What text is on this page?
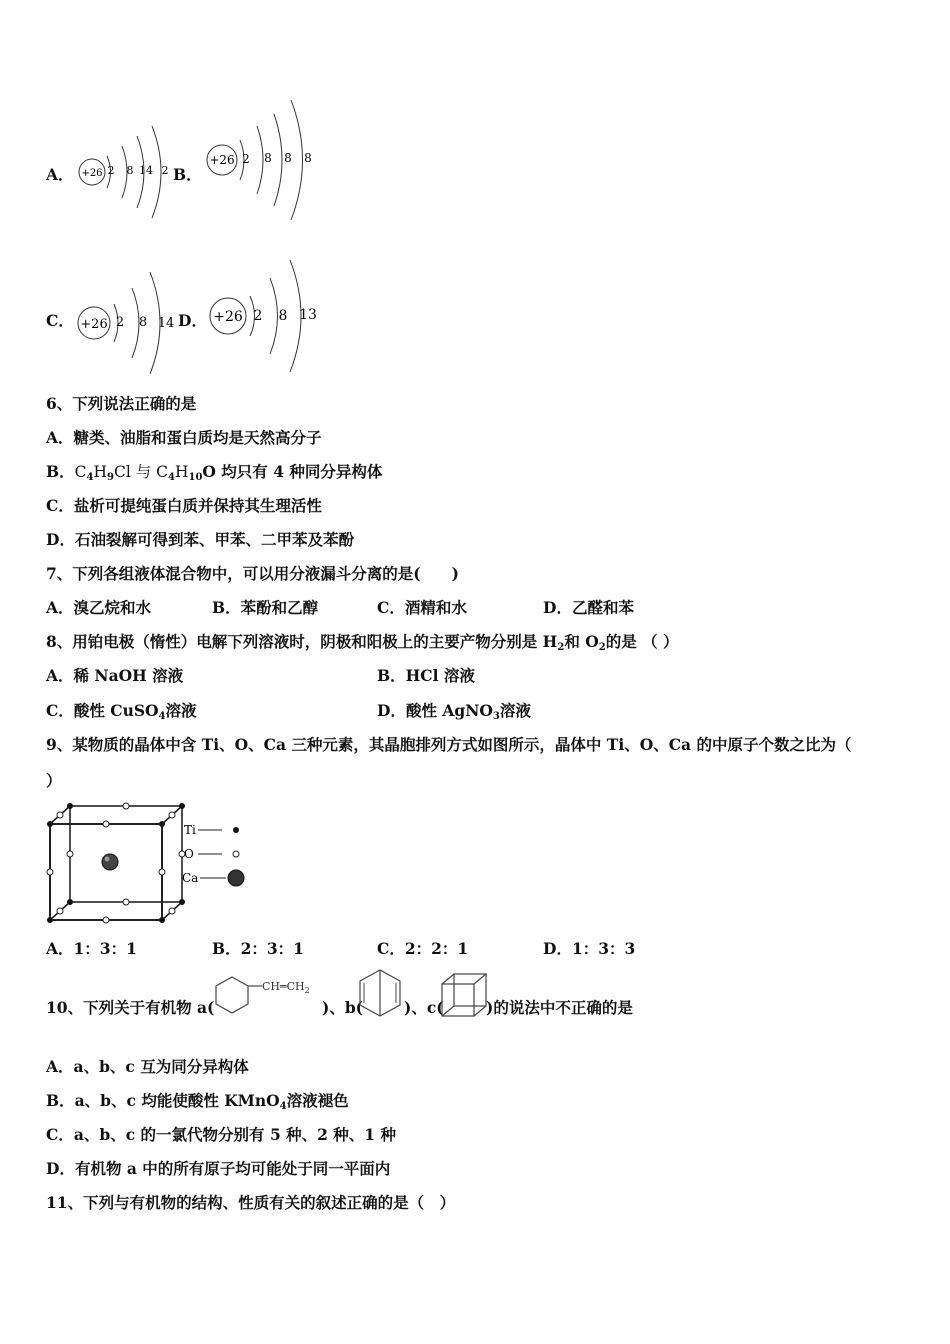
A． +26 2 8 14 2 B．
+26 2 8 8 8
C． +26 2 8 14 D． +26 2 8 13
6、下列说法正确的是
A．糖类、油脂和蛋白质均是天然高分子
B．$C_4H_9Cl$ 与 $C_4H_{10}O$ 均只有 4 种同分异构体
C．盐析可提纯蛋白质并保持其生理活性
D．石油裂解可得到苯、甲苯、二甲苯及苯酚
7、下列各组液体混合物中，可以用分液漏斗分离的是(　　)
A．溴乙烷和水	B．苯酚和乙醇	C．酒精和水	D．乙醛和苯
8、用铂电极（惰性）电解下列溶液时，阴极和阳极上的主要产物分别是 $H_2$和 $O_2$的是 （ ）
A．稀 NaOH 溶液	B．HCl 溶液
C．酸性 CuSO$_4$溶液	D．酸性 AgNO$_3$溶液
9、某物质的晶体中含 Ti、O、Ca 三种元素，其晶胞排列方式如图所示，晶体中 Ti、O、Ca 的中原子个数之比为（
）
Ti
O
Ca
A．1：3：1	B．2：3：1	C．2：2：1	D．1：3：3
10、下列关于有机物 a(
$CH═CH_2$
)、b(	)、c(	)的说法中不正确的是
A．a、b、c 互为同分异构体
B．a、b、c 均能使酸性 KMnO$_4$溶液褪色
C．a、b、c 的一氯代物分别有 5 种、2 种、1 种
D．有机物 a 中的所有原子均可能处于同一平面内
11、下列与有机物的结构、性质有关的叙述正确的是（　）
